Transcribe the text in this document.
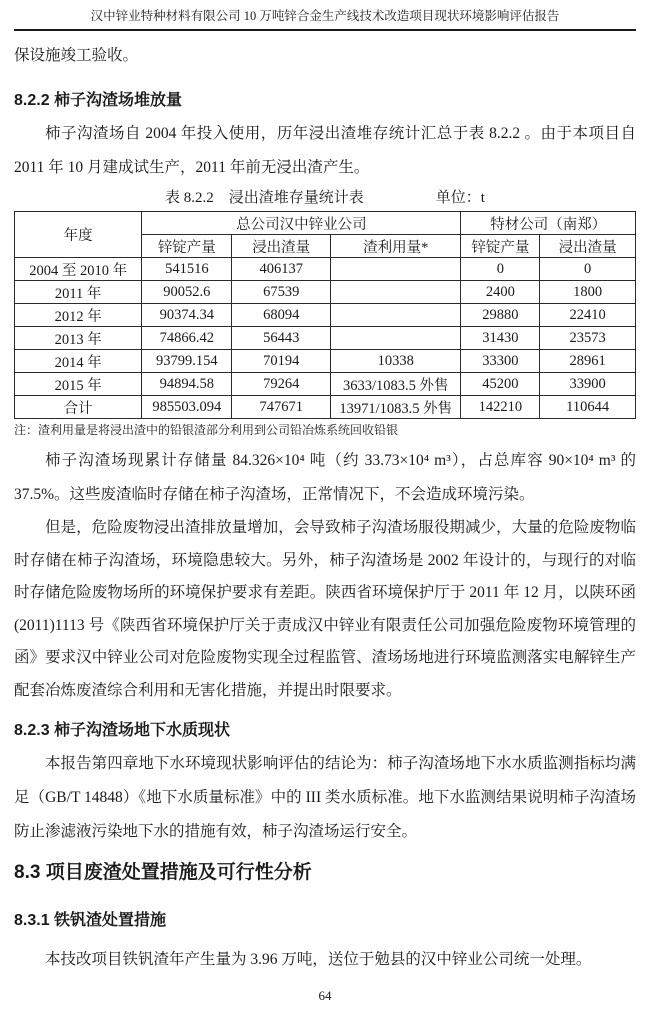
汉中锌业特种材料有限公司 10 万吨锌合金生产线技术改造项目现状环境影响评估报告

保设施竣工验收。

8.2.2 柿子沟渣场堆放量

柿子沟渣场自 2004 年投入使用，历年浸出渣堆存统计汇总于表 8.2.2 。由于本项目自 2011 年 10 月建成试生产，2011 年前无浸出渣产生。

表 8.2.2　浸出渣堆存量统计表	单位：t
年度	总公司汉中锌业公司			特材公司（南郑）	
	锌锭产量	浸出渣量	渣利用量*	锌锭产量	浸出渣量
2004 至 2010 年	541516	406137		0	0
2011 年	90052.6	67539		2400	1800
2012 年	90374.34	68094		29880	22410
2013 年	74866.42	56443		31430	23573
2014 年	93799.154	70194	10338	33300	28961
2015 年	94894.58	79264	3633/1083.5 外售	45200	33900
合计	985503.094	747671	13971/1083.5 外售	142210	110644
注：渣利用量是将浸出渣中的铅银渣部分利用到公司铅冶炼系统回收铅银

柿子沟渣场现累计存储量 84.326×10⁴ 吨（约 33.73×10⁴ m³），占总库容 90×10⁴ m³ 的 37.5%。这些废渣临时存储在柿子沟渣场，正常情况下，不会造成环境污染。

但是，危险废物浸出渣排放量增加，会导致柿子沟渣场服役期减少，大量的危险废物临时存储在柿子沟渣场，环境隐患较大。另外，柿子沟渣场是 2002 年设计的，与现行的对临时存储危险废物场所的环境保护要求有差距。陕西省环境保护厅于 2011 年 12 月，以陕环函(2011)1113 号《陕西省环境保护厅关于责成汉中锌业有限责任公司加强危险废物环境管理的函》要求汉中锌业公司对危险废物实现全过程监管、渣场场地进行环境监测落实电解锌生产配套冶炼废渣综合利用和无害化措施，并提出时限要求。

8.2.3 柿子沟渣场地下水质现状

本报告第四章地下水环境现状影响评估的结论为：柿子沟渣场地下水水质监测指标均满足（GB/T 14848）《地下水质量标准》中的 III 类水质标准。地下水监测结果说明柿子沟渣场防止渗滤液污染地下水的措施有效，柿子沟渣场运行安全。

8.3 项目废渣处置措施及可行性分析
8.3.1 铁钒渣处置措施

本技改项目铁钒渣年产生量为 3.96 万吨，送位于勉县的汉中锌业公司统一处理。

64
